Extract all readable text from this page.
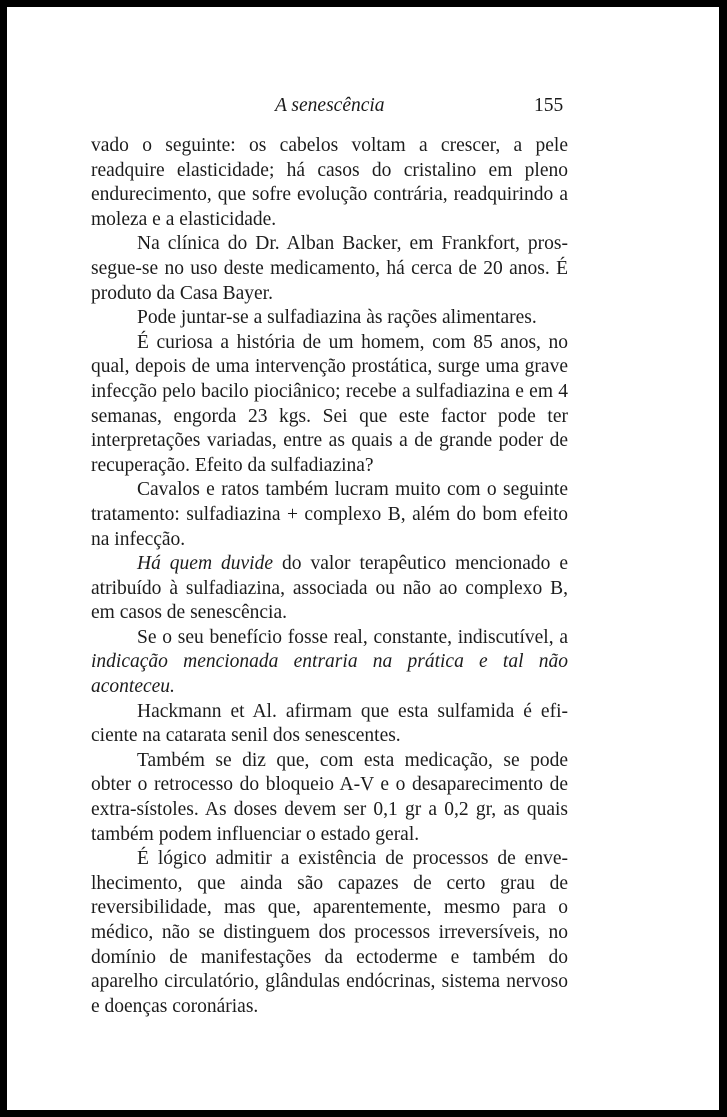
A senescência	155

vado o seguinte: os cabelos voltam a crescer, a pele readquire elasticidade; há casos do cristalino em pleno endurecimento, que sofre evolução contrária, readquirindo a moleza e a elasticidade.

Na clínica do Dr. Alban Backer, em Frankfort, prossegue-se no uso deste medicamento, há cerca de 20 anos. É produto da Casa Bayer.

Pode juntar-se a sulfadiazina às rações alimentares.

É curiosa a história de um homem, com 85 anos, no qual, depois de uma intervenção prostática, surge uma grave infecção pelo bacilo piociânico; recebe a sulfadiazina e em 4 semanas, engorda 23 kgs. Sei que este factor pode ter interpretações variadas, entre as quais a de grande poder de recuperação. Efeito da sulfadiazina?

Cavalos e ratos também lucram muito com o seguinte tratamento: sulfadiazina + complexo B, além do bom efeito na infecção.

Há quem duvide do valor terapêutico mencionado e atribuído à sulfadiazina, associada ou não ao complexo B, em casos de senescência.

Se o seu benefício fosse real, constante, indiscutível, a indicação mencionada entraria na prática e tal não aconteceu.

Hackmann et Al. afirmam que esta sulfamida é eficiente na catarata senil dos senescentes.

Também se diz que, com esta medicação, se pode obter o retrocesso do bloqueio A-V e o desaparecimento de extra-sístoles. As doses devem ser 0,1 gr a 0,2 gr, as quais também podem influenciar o estado geral.

É lógico admitir a existência de processos de envelhecimento, que ainda são capazes de certo grau de reversibilidade, mas que, aparentemente, mesmo para o médico, não se distinguem dos processos irreversíveis, no domínio de manifestações da ectoderme e também do aparelho circulatório, glândulas endócrinas, sistema nervoso e doenças coronárias.
